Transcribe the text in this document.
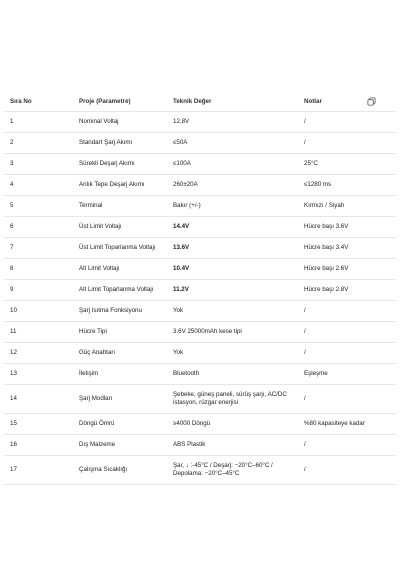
Sıra No	Proje (Parametre)	Teknik Değer	Notlar

1	Nominal Voltaj	12.8V	/
2	Standart Şarj Akımı	≤50A	/
3	Sürekli Deşarj Akımı	≤100A	25°C
4	Anlık Tepe Deşarj Akımı	260±20A	≤1280 ms
5	Terminal	Bakır (+/-)	Kırmızı / Siyah
6	Üst Limit Voltajı	14.4V	Hücre başı 3.6V
7	Üst Limit Toparlanma Voltajı	13.6V	Hücre başı 3.4V
8	Alt Limit Voltajı	10.4V	Hücre başı 2.6V
9	Alt Limit Toparlanma Voltajı	11.2V	Hücre başı 2.8V
10	Şarj Isıtma Fonksiyonu	Yok	/
11	Hücre Tipi	3.6V 25000mAh kese tipi	/
12	Güç Anahtarı	Yok	/
13	İletişim	Bluetooth	Eşleşme
14	Şarj Modları	Şebeke, güneş paneli, sürüş şarjı, AC/DC istasyon, rüzgar enerjisi	/
15	Döngü Ömrü	≥4000 Döngü	%80 kapasiteye kadar
16	Dış Malzeme	ABS Plastik	/
17	Çalışma Sıcaklığı	Şar, ↓ :-45°C / Deşarj: −20°C–60°C / Depolama: −20°C–45°C	/
